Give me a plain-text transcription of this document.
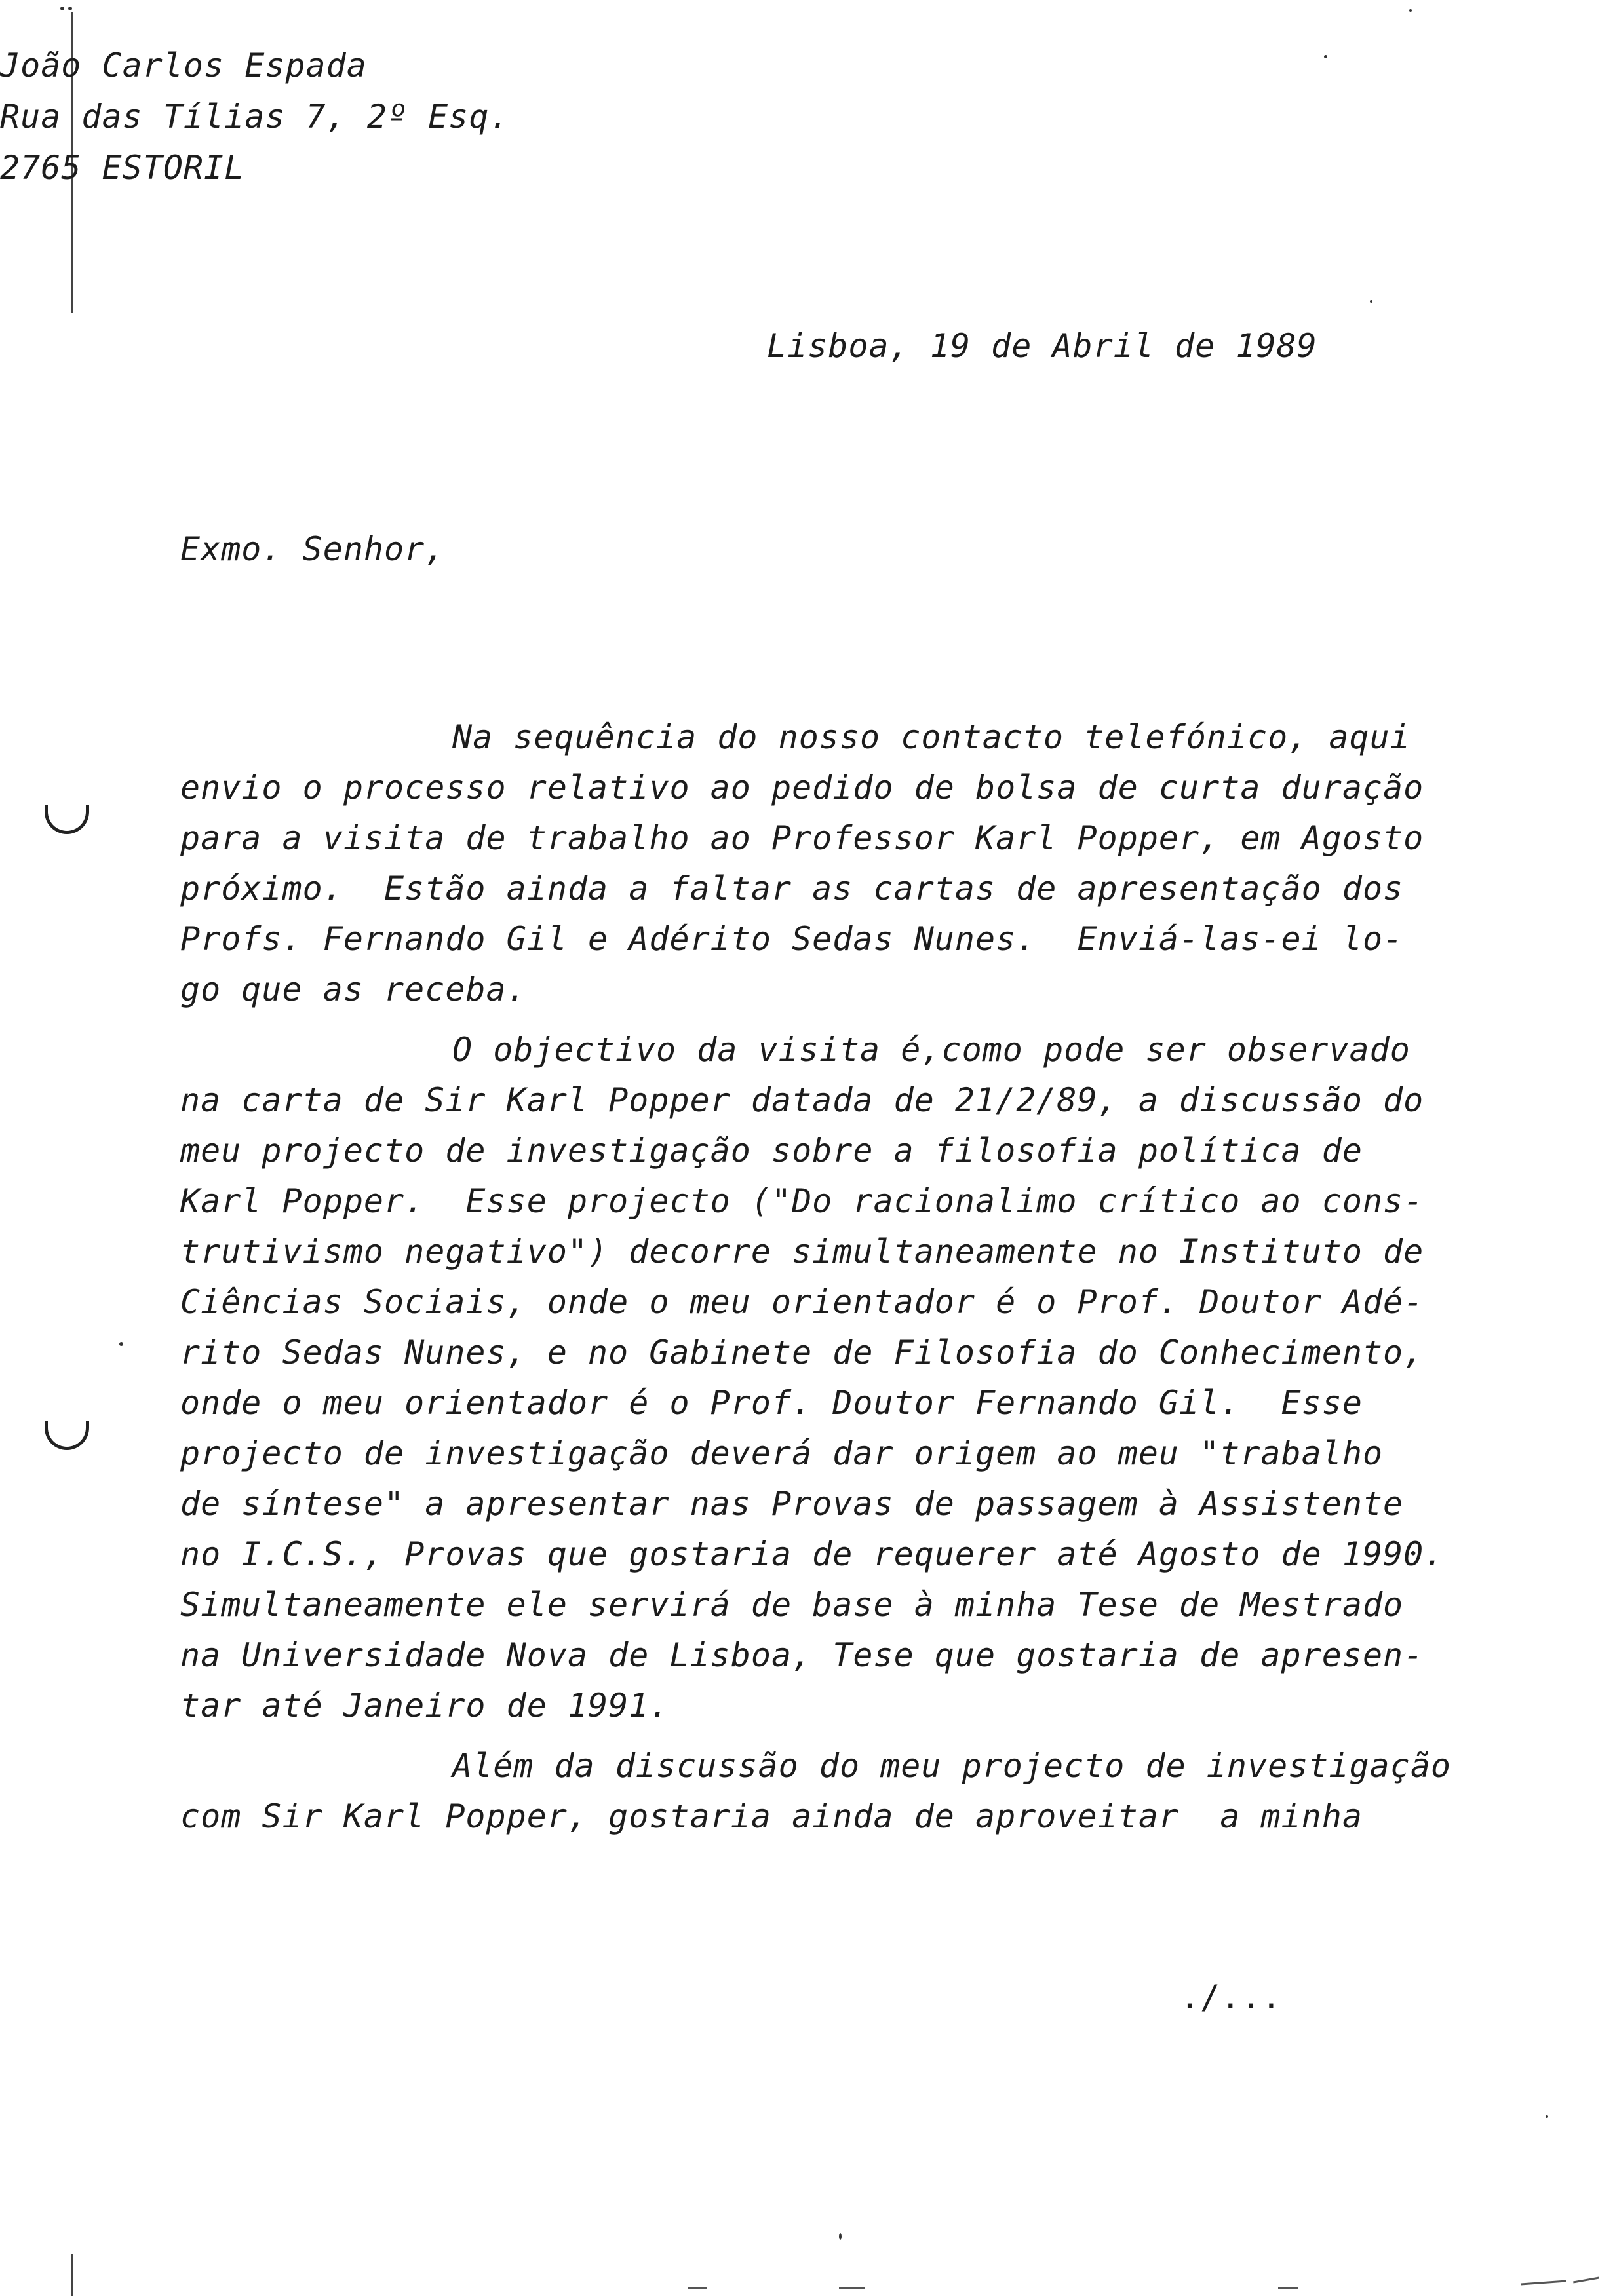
João Carlos Espada
Rua das Tílias 7, 2º Esq.
2765 ESTORIL
Lisboa, 19 de Abril de 1989
Exmo. Senhor,
Na sequência do nosso contacto telefónico, aqui
envio o processo relativo ao pedido de bolsa de curta duração
para a visita de trabalho ao Professor Karl Popper, em Agosto
próximo.  Estão ainda a faltar as cartas de apresentação dos
Profs. Fernando Gil e Adérito Sedas Nunes.  Enviá-las-ei lo-
go que as receba.
O objectivo da visita é,como pode ser observado
na carta de Sir Karl Popper datada de 21/2/89, a discussão do
meu projecto de investigação sobre a filosofia política de
Karl Popper.  Esse projecto ("Do racionalimo crítico ao cons-
trutivismo negativo") decorre simultaneamente no Instituto de
Ciências Sociais, onde o meu orientador é o Prof. Doutor Adé-
rito Sedas Nunes, e no Gabinete de Filosofia do Conhecimento,
onde o meu orientador é o Prof. Doutor Fernando Gil.  Esse
projecto de investigação deverá dar origem ao meu "trabalho
de síntese" a apresentar nas Provas de passagem à Assistente
no I.C.S., Provas que gostaria de requerer até Agosto de 1990.
Simultaneamente ele servirá de base à minha Tese de Mestrado
na Universidade Nova de Lisboa, Tese que gostaria de apresen-
tar até Janeiro de 1991.
Além da discussão do meu projecto de investigação
com Sir Karl Popper, gostaria ainda de aproveitar  a minha
./...
